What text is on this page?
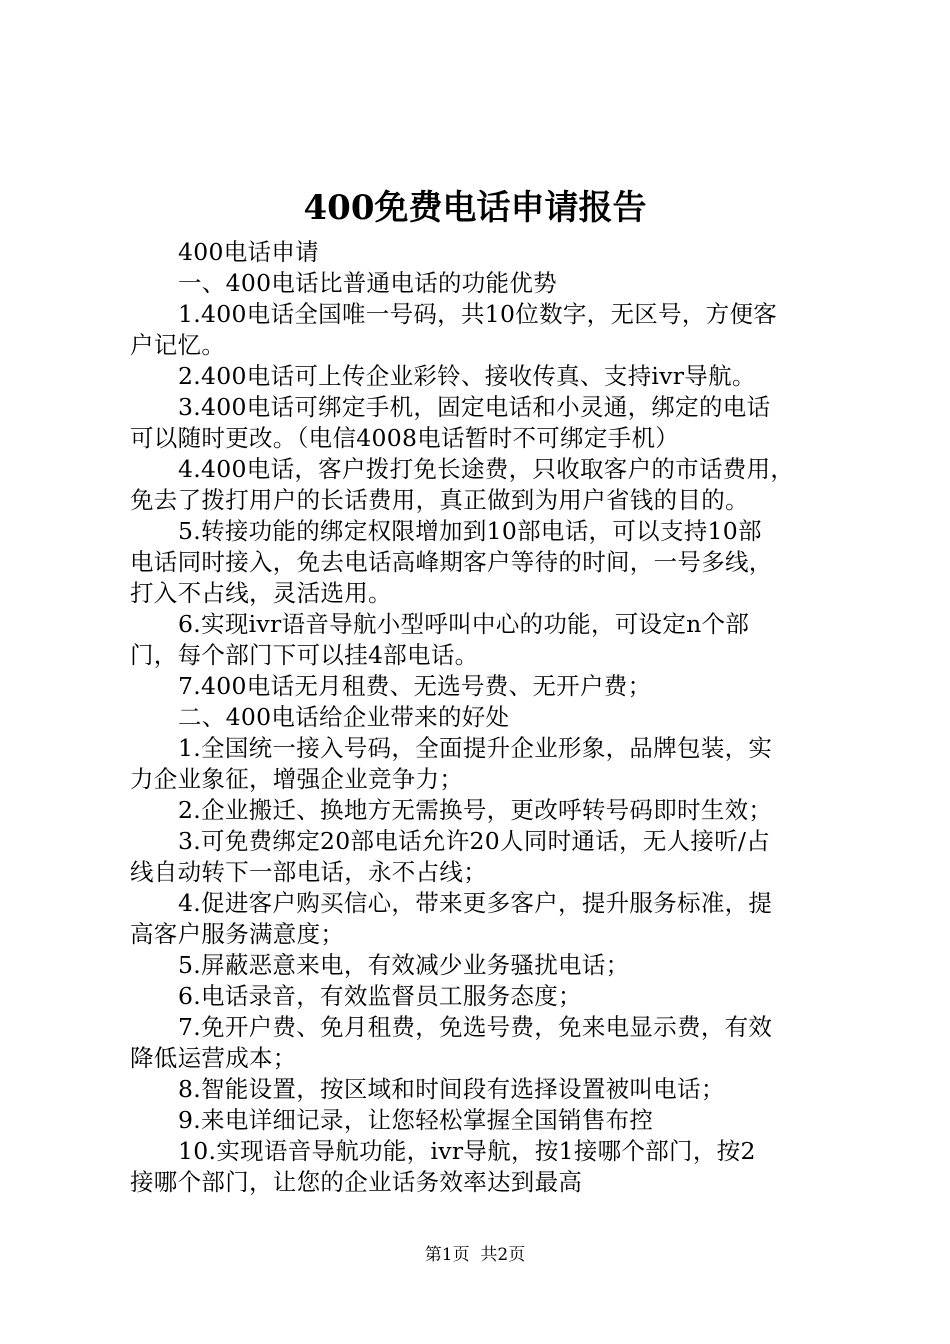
400免费电话申请报告
400电话申请
一、400电话比普通电话的功能优势
1.400电话全国唯一号码，共10位数字，无区号，方便客
户记忆。
2.400电话可上传企业彩铃、接收传真、支持ivr导航。
3.400电话可绑定手机，固定电话和小灵通，绑定的电话
可以随时更改。（电信4008电话暂时不可绑定手机）
4.400电话，客户拨打免长途费，只收取客户的市话费用，
免去了拨打用户的长话费用，真正做到为用户省钱的目的。
5.转接功能的绑定权限增加到10部电话，可以支持10部
电话同时接入，免去电话高峰期客户等待的时间，一号多线，
打入不占线，灵活选用。
6.实现ivr语音导航小型呼叫中心的功能，可设定n个部
门，每个部门下可以挂4部电话。
7.400电话无月租费、无选号费、无开户费；
二、400电话给企业带来的好处
1.全国统一接入号码，全面提升企业形象，品牌包装，实
力企业象征，增强企业竞争力；
2.企业搬迁、换地方无需换号，更改呼转号码即时生效；
3.可免费绑定20部电话允许20人同时通话，无人接听/占
线自动转下一部电话，永不占线；
4.促进客户购买信心，带来更多客户，提升服务标准，提
高客户服务满意度；
5.屏蔽恶意来电，有效减少业务骚扰电话；
6.电话录音，有效监督员工服务态度；
7.免开户费、免月租费，免选号费，免来电显示费，有效
降低运营成本；
8.智能设置，按区域和时间段有选择设置被叫电话；
9.来电详细记录，让您轻松掌握全国销售布控
10.实现语音导航功能，ivr导航，按1接哪个部门，按2
接哪个部门，让您的企业话务效率达到最高
第1页  共2页
